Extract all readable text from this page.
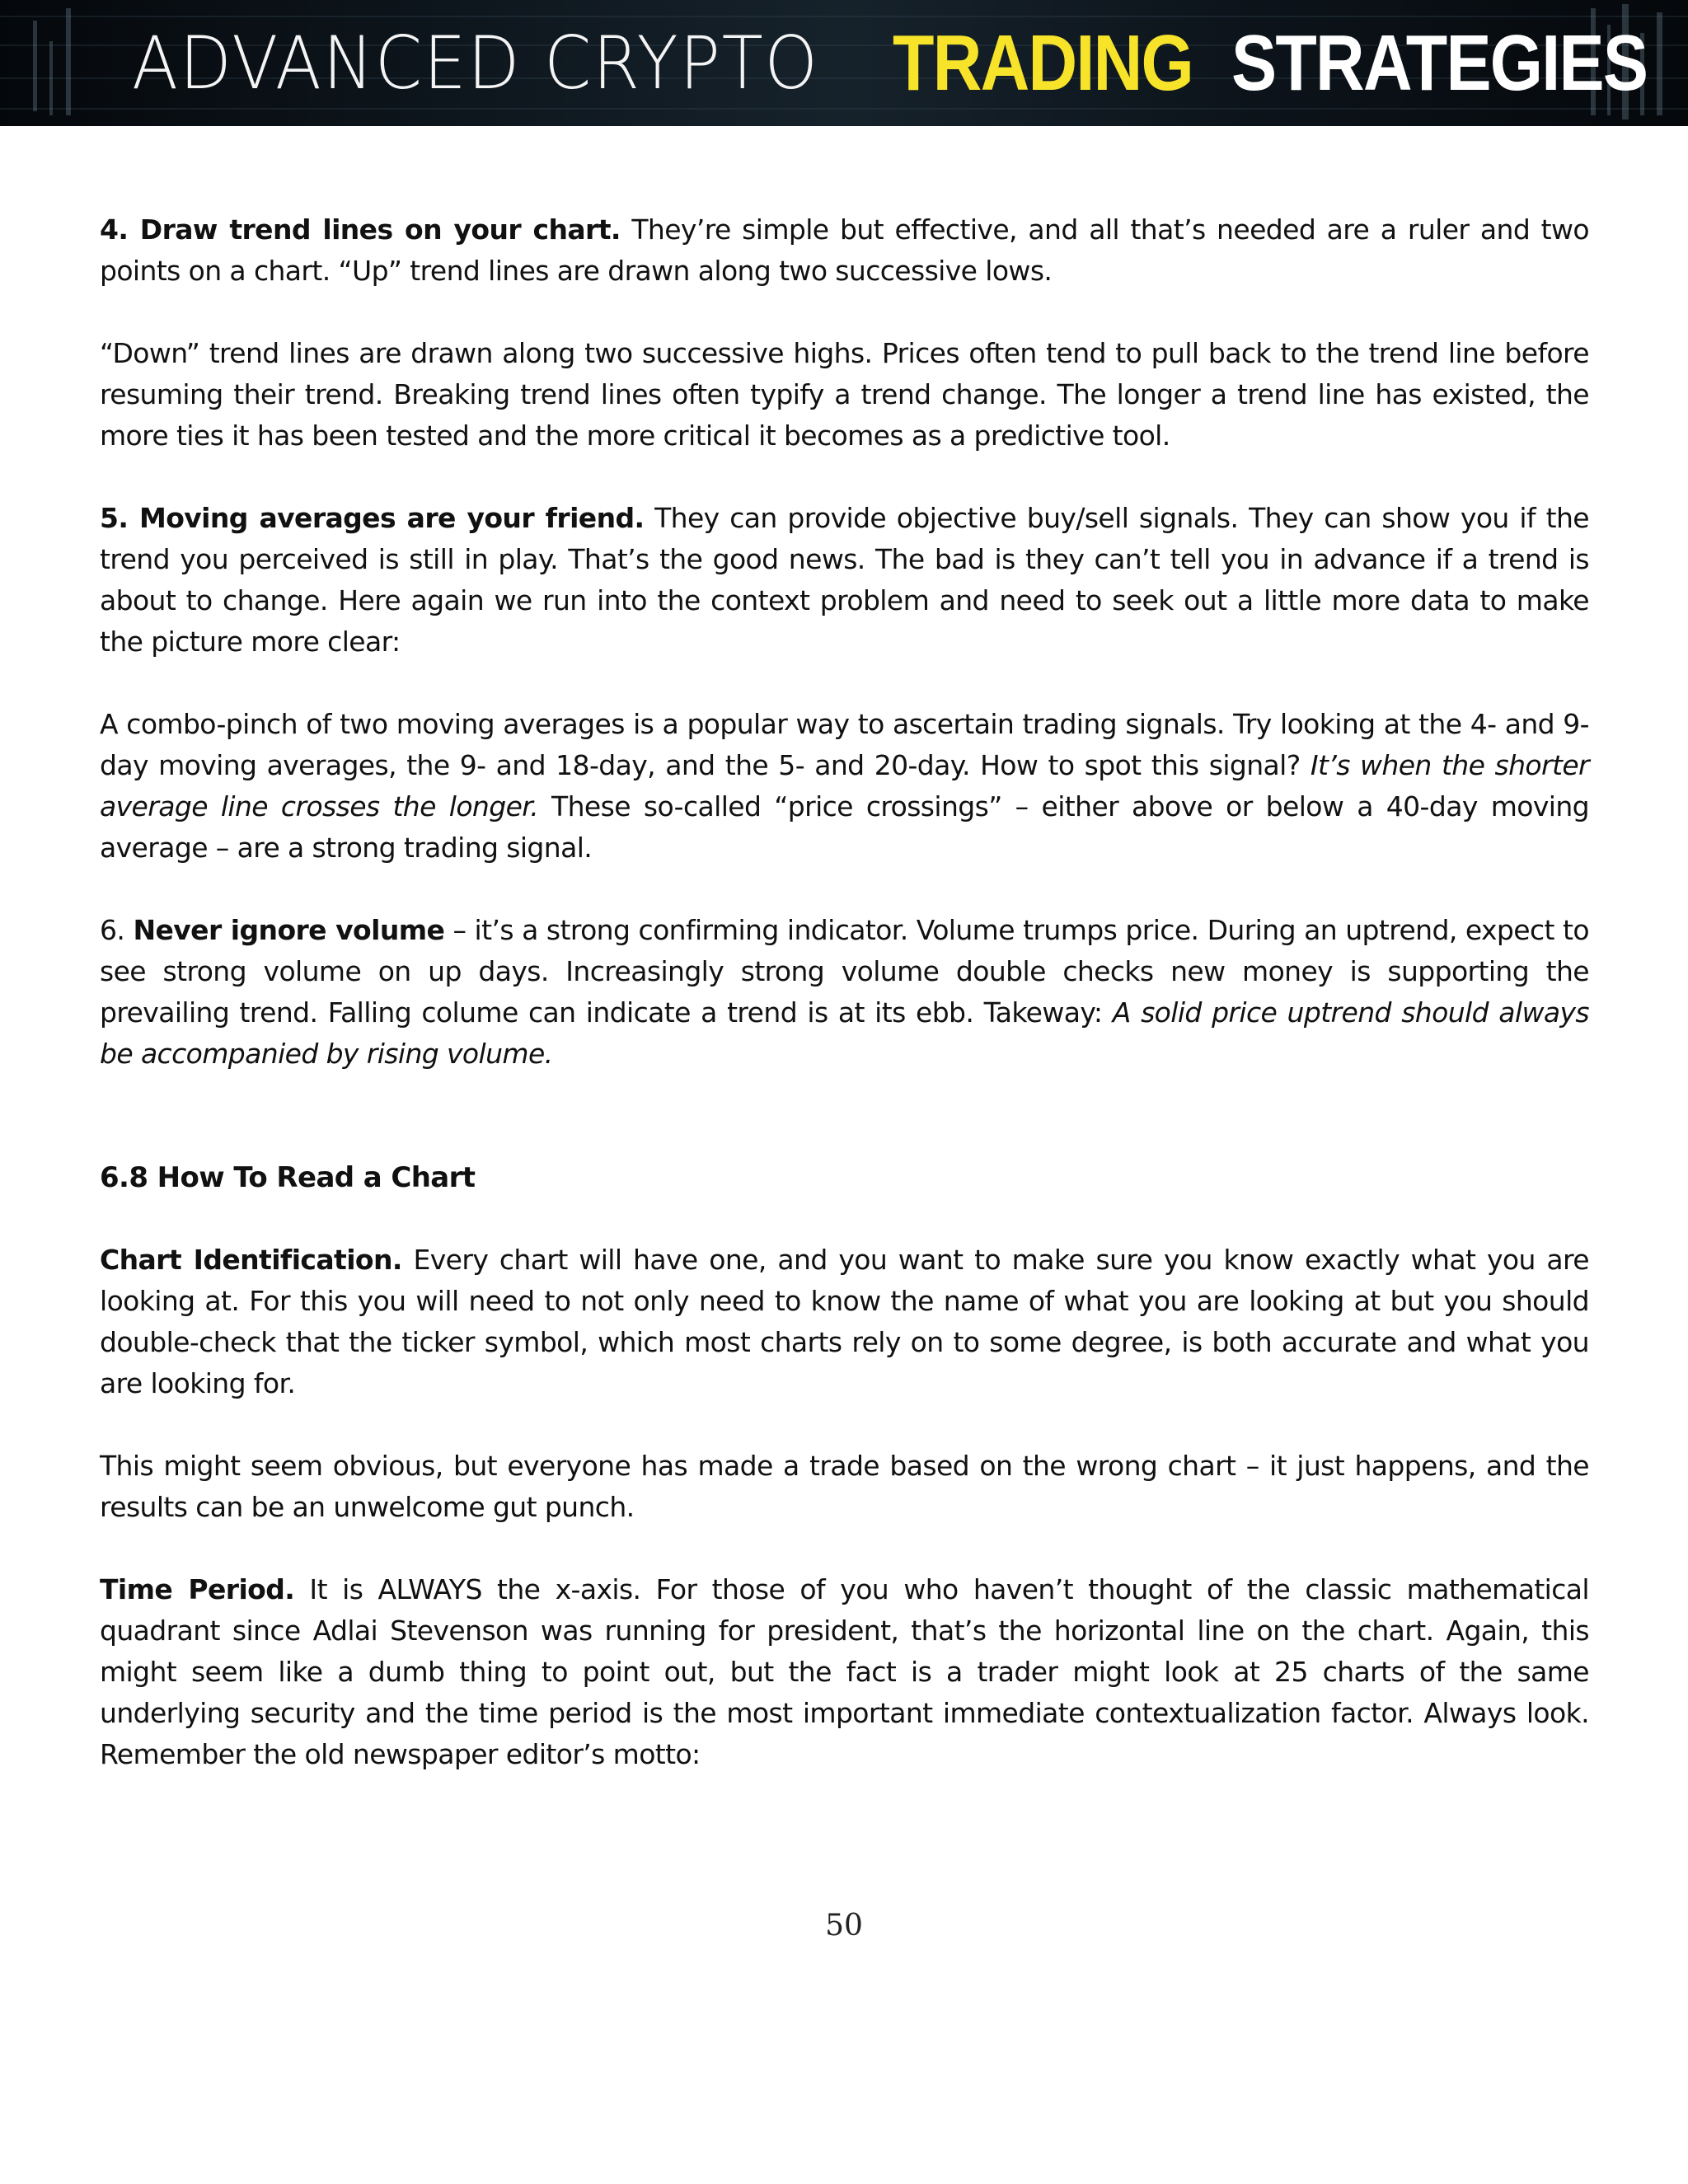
ADVANCED CRYPTO TRADING STRATEGIES

4. Draw trend lines on your chart. They’re simple but effective, and all that’s needed are a ruler and two points on a chart. “Up” trend lines are drawn along two successive lows.

“Down” trend lines are drawn along two successive highs. Prices often tend to pull back to the trend line before resuming their trend. Breaking trend lines often typify a trend change. The longer a trend line has existed, the more ties it has been tested and the more critical it becomes as a predictive tool.

5. Moving averages are your friend. They can provide objective buy/sell signals. They can show you if the trend you perceived is still in play. That’s the good news. The bad is they can’t tell you in advance if a trend is about to change. Here again we run into the context problem and need to seek out a little more data to make the picture more clear:

A combo-pinch of two moving averages is a popular way to ascertain trading signals. Try looking at the 4- and 9-day moving averages, the 9- and 18-day, and the 5- and 20-day. How to spot this signal? It’s when the shorter average line crosses the longer. These so-called “price crossings” – either above or below a 40-day moving average – are a strong trading signal.

6. Never ignore volume – it’s a strong confirming indicator. Volume trumps price. During an uptrend, expect to see strong volume on up days. Increasingly strong volume double checks new money is supporting the prevailing trend. Falling colume can indicate a trend is at its ebb. Takeway: A solid price uptrend should always be accompanied by rising volume.

6.8 How To Read a Chart

Chart Identification. Every chart will have one, and you want to make sure you know exactly what you are looking at. For this you will need to not only need to know the name of what you are looking at but you should double-check that the ticker symbol, which most charts rely on to some degree, is both accurate and what you are looking for.

This might seem obvious, but everyone has made a trade based on the wrong chart – it just happens, and the results can be an unwelcome gut punch.

Time Period. It is ALWAYS the x-axis. For those of you who haven’t thought of the classic mathematical quadrant since Adlai Stevenson was running for president, that’s the horizontal line on the chart. Again, this might seem like a dumb thing to point out, but the fact is a trader might look at 25 charts of the same underlying security and the time period is the most important immediate contextualization factor. Always look. Remember the old newspaper editor’s motto:

50
